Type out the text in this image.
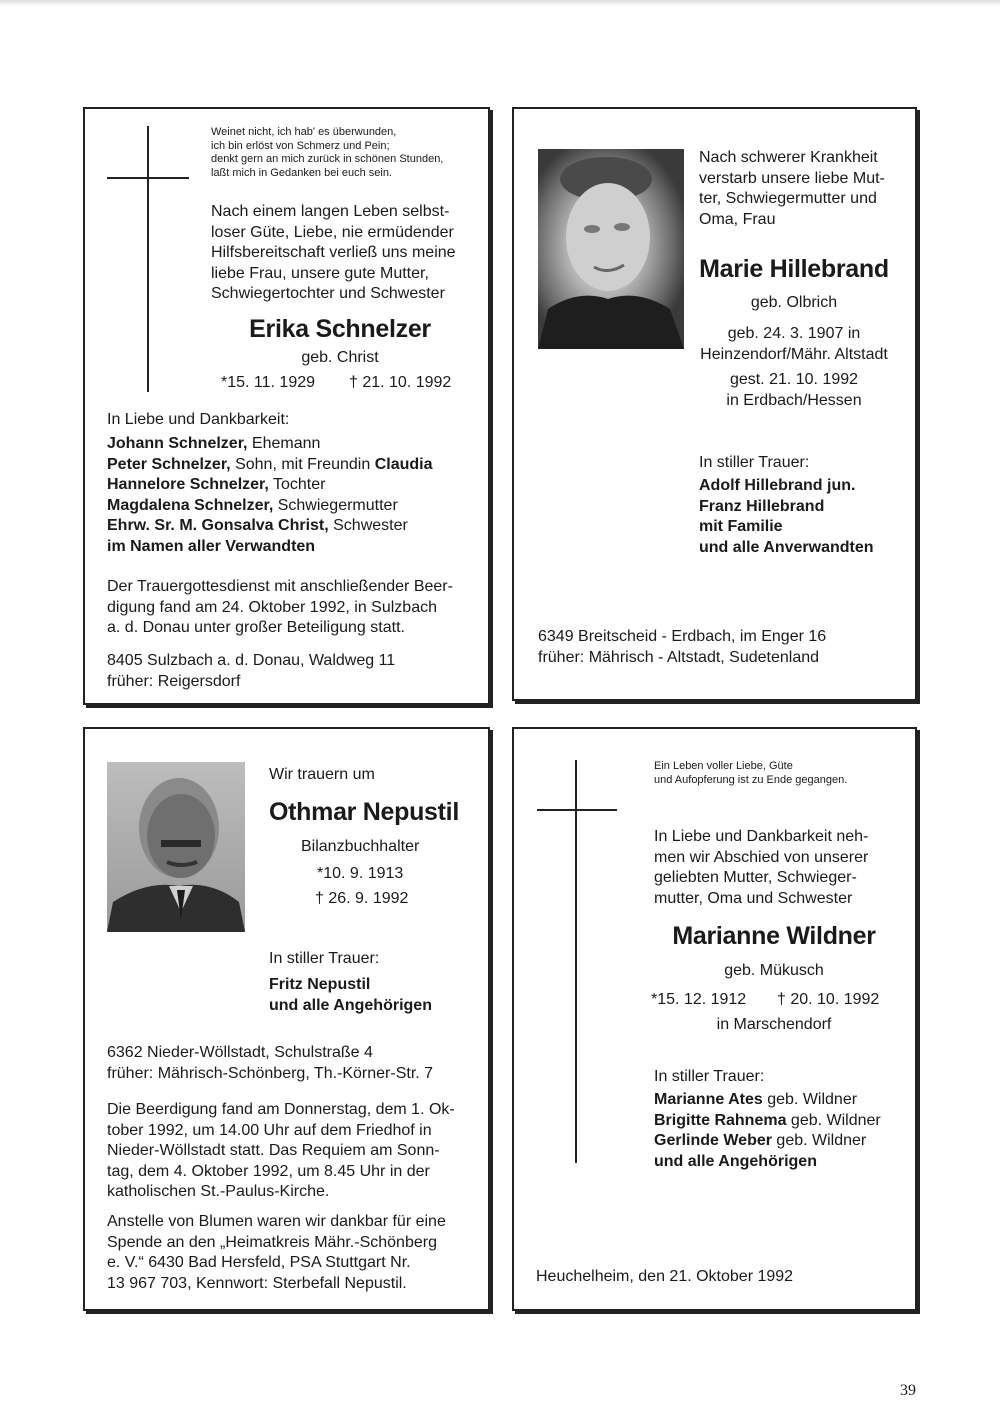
Weinet nicht, ich hab' es überwunden,
ich bin erlöst von Schmerz und Pein;
denkt gern an mich zurück in schönen Stunden,
laßt mich in Gedanken bei euch sein.
Nach einem langen Leben selbst-
loser Güte, Liebe, nie ermüdender
Hilfsbereitschaft verließ uns meine
liebe Frau, unsere gute Mutter,
Schwiegertochter und Schwester
Erika Schnelzer
geb. Christ
*15. 11. 1929 † 21. 10. 1992
In Liebe und Dankbarkeit:
Johann Schnelzer, Ehemann
Peter Schnelzer, Sohn, mit Freundin Claudia
Hannelore Schnelzer, Tochter
Magdalena Schnelzer, Schwiegermutter
Ehrw. Sr. M. Gonsalva Christ, Schwester
im Namen aller Verwandten
Der Trauergottesdienst mit anschließender Beer-
digung fand am 24. Oktober 1992, in Sulzbach
a. d. Donau unter großer Beteiligung statt.
8405 Sulzbach a. d. Donau, Waldweg 11
früher: Reigersdorf
Nach schwerer Krankheit
verstarb unsere liebe Mut-
ter, Schwiegermutter und
Oma, Frau
Marie Hillebrand
geb. Olbrich
geb. 24. 3. 1907 in
Heinzendorf/Mähr. Altstadt
gest. 21. 10. 1992
in Erdbach/Hessen
In stiller Trauer:
Adolf Hillebrand jun.
Franz Hillebrand
mit Familie
und alle Anverwandten
6349 Breitscheid - Erdbach, im Enger 16
früher: Mährisch - Altstadt, Sudetenland
Wir trauern um
Othmar Nepustil
Bilanzbuchhalter
*10. 9. 1913
† 26. 9. 1992
In stiller Trauer:
Fritz Nepustil
und alle Angehörigen
6362 Nieder-Wöllstadt, Schulstraße 4
früher: Mährisch-Schönberg, Th.-Körner-Str. 7
Die Beerdigung fand am Donnerstag, dem 1. Ok-
tober 1992, um 14.00 Uhr auf dem Friedhof in
Nieder-Wöllstadt statt. Das Requiem am Sonn-
tag, dem 4. Oktober 1992, um 8.45 Uhr in der
katholischen St.-Paulus-Kirche.
Anstelle von Blumen waren wir dankbar für eine
Spende an den „Heimatkreis Mähr.-Schönberg
e. V.“ 6430 Bad Hersfeld, PSA Stuttgart Nr.
13 967 703, Kennwort: Sterbefall Nepustil.
Ein Leben voller Liebe, Güte
und Aufopferung ist zu Ende gegangen.
In Liebe und Dankbarkeit neh-
men wir Abschied von unserer
geliebten Mutter, Schwieger-
mutter, Oma und Schwester
Marianne Wildner
geb. Mükusch
*15. 12. 1912 † 20. 10. 1992
in Marschendorf
In stiller Trauer:
Marianne Ates geb. Wildner
Brigitte Rahnema geb. Wildner
Gerlinde Weber geb. Wildner
und alle Angehörigen
Heuchelheim, den 21. Oktober 1992
39
